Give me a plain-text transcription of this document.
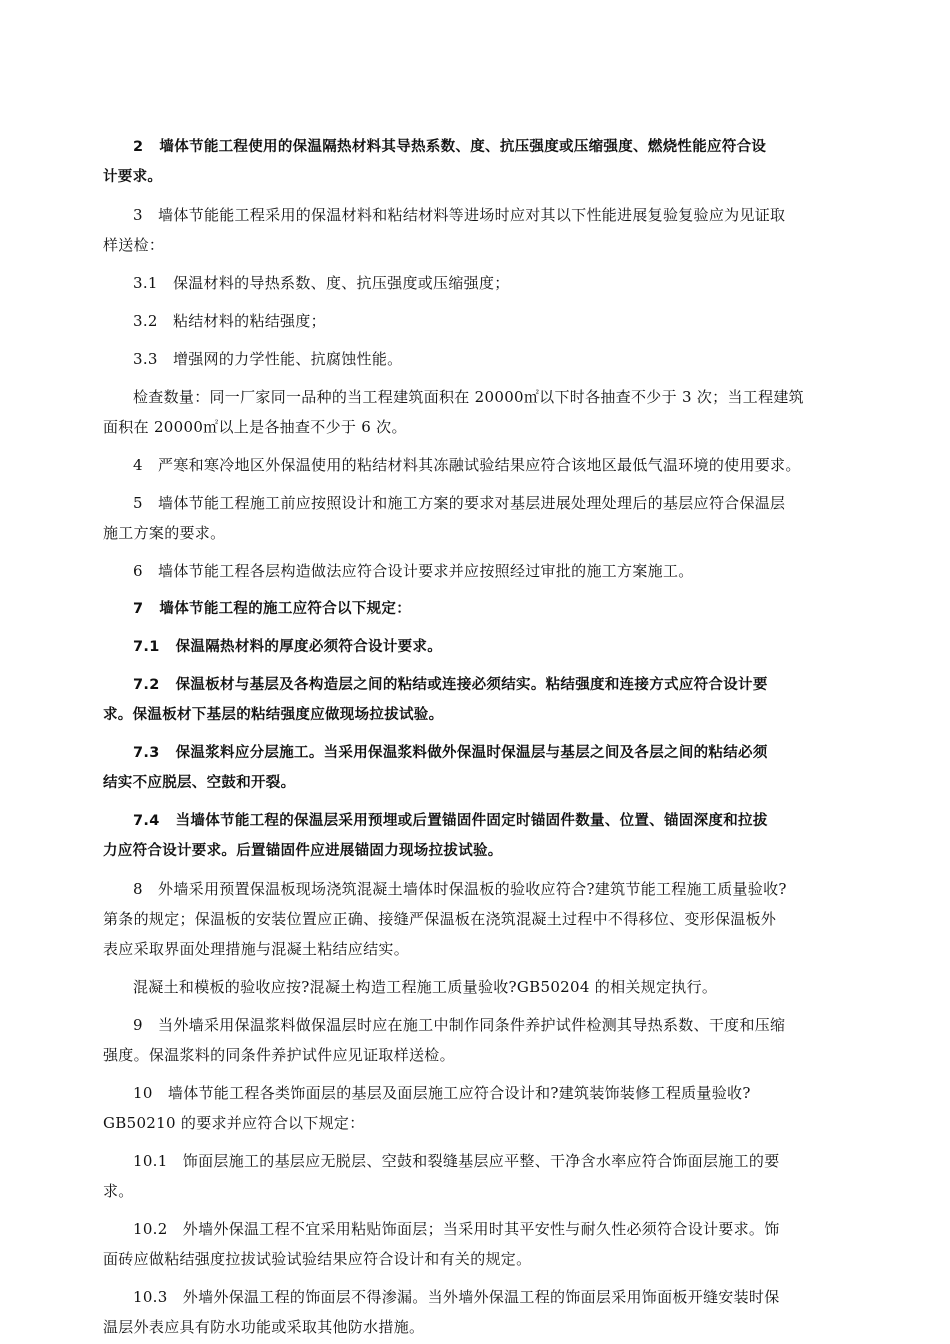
2   墙体节能工程使用的保温隔热材料其导热系数、度、抗压强度或压缩强度、燃烧性能应符合设
计要求。
3   墙体节能能工程采用的保温材料和粘结材料等进场时应对其以下性能进展复验复验应为见证取
样送检：
3.1   保温材料的导热系数、度、抗压强度或压缩强度；
3.2   粘结材料的粘结强度；
3.3   增强网的力学性能、抗腐蚀性能。
检查数量：同一厂家同一品种的当工程建筑面积在 20000㎡以下时各抽查不少于 3 次；当工程建筑
面积在 20000㎡以上是各抽查不少于 6 次。
4   严寒和寒冷地区外保温使用的粘结材料其冻融试验结果应符合该地区最低气温环境的使用要求。
5   墙体节能工程施工前应按照设计和施工方案的要求对基层进展处理处理后的基层应符合保温层
施工方案的要求。
6   墙体节能工程各层构造做法应符合设计要求并应按照经过审批的施工方案施工。
7   墙体节能工程的施工应符合以下规定：
7.1   保温隔热材料的厚度必须符合设计要求。
7.2   保温板材与基层及各构造层之间的粘结或连接必须结实。粘结强度和连接方式应符合设计要
求。保温板材下基层的粘结强度应做现场拉拔试验。
7.3   保温浆料应分层施工。当采用保温浆料做外保温时保温层与基层之间及各层之间的粘结必须
结实不应脱层、空鼓和开裂。
7.4   当墙体节能工程的保温层采用预埋或后置锚固件固定时锚固件数量、位置、锚固深度和拉拔
力应符合设计要求。后置锚固件应进展锚固力现场拉拔试验。
8   外墙采用预置保温板现场浇筑混凝土墙体时保温板的验收应符合?建筑节能工程施工质量验收?
第条的规定；保温板的安装位置应正确、接缝严保温板在浇筑混凝土过程中不得移位、变形保温板外
表应采取界面处理措施与混凝土粘结应结实。
混凝土和模板的验收应按?混凝土构造工程施工质量验收?GB50204 的相关规定执行。
9   当外墙采用保温浆料做保温层时应在施工中制作同条件养护试件检测其导热系数、干度和压缩
强度。保温浆料的同条件养护试件应见证取样送检。
10   墙体节能工程各类饰面层的基层及面层施工应符合设计和?建筑装饰装修工程质量验收?
GB50210 的要求并应符合以下规定：
10.1   饰面层施工的基层应无脱层、空鼓和裂缝基层应平整、干净含水率应符合饰面层施工的要
求。
10.2   外墙外保温工程不宜采用粘贴饰面层；当采用时其平安性与耐久性必须符合设计要求。饰
面砖应做粘结强度拉拔试验试验结果应符合设计和有关的规定。
10.3   外墙外保温工程的饰面层不得渗漏。当外墙外保温工程的饰面层采用饰面板开缝安装时保
温层外表应具有防水功能或采取其他防水措施。
